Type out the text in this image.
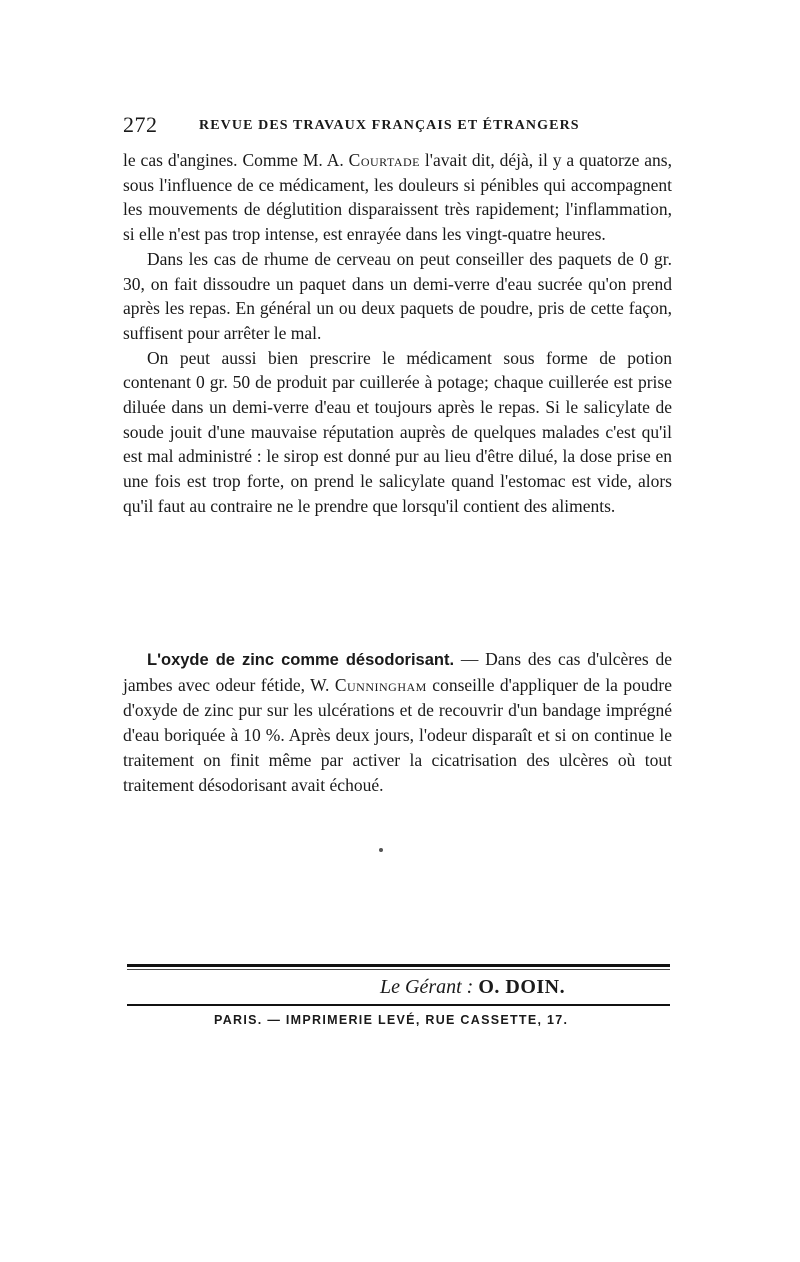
272	REVUE DES TRAVAUX FRANÇAIS ET ÉTRANGERS

le cas d'angines. Comme M. A. Courtade l'avait dit, déjà, il y a quatorze ans, sous l'influence de ce médicament, les douleurs si pénibles qui accompagnent les mouvements de déglutition disparaissent très rapidement; l'inflammation, si elle n'est pas trop intense, est enrayée dans les vingt-quatre heures.

Dans les cas de rhume de cerveau on peut conseiller des paquets de 0 gr. 30, on fait dissoudre un paquet dans un demi-verre d'eau sucrée qu'on prend après les repas. En général un ou deux paquets de poudre, pris de cette façon, suffisent pour arrêter le mal.

On peut aussi bien prescrire le médicament sous forme de potion contenant 0 gr. 50 de produit par cuillerée à potage; chaque cuillerée est prise diluée dans un demi-verre d'eau et toujours après le repas. Si le salicylate de soude jouit d'une mauvaise réputation auprès de quelques malades c'est qu'il est mal administré : le sirop est donné pur au lieu d'être dilué, la dose prise en une fois est trop forte, on prend le salicylate quand l'estomac est vide, alors qu'il faut au contraire ne le prendre que lorsqu'il contient des aliments.

L'oxyde de zinc comme désodorisant. — Dans des cas d'ulcères de jambes avec odeur fétide, W. Cunningham conseille d'appliquer de la poudre d'oxyde de zinc pur sur les ulcérations et de recouvrir d'un bandage imprégné d'eau boriquée à 10 %. Après deux jours, l'odeur disparaît et si on continue le traitement on finit même par activer la cicatrisation des ulcères où tout traitement désodorisant avait échoué.

Le Gérant : O. DOIN.
PARIS. — IMPRIMERIE LEVÉ, RUE CASSETTE, 17.
